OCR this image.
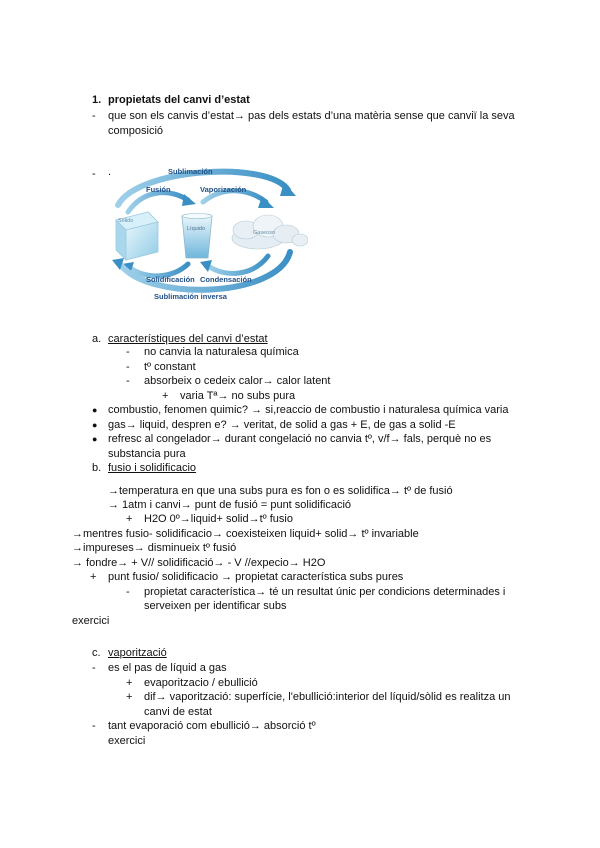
1. propietats del canvi d’estat
- que son els canvis d’estat→ pas dels estats d’una matèria sense que canviï la seva
composició
- .
Sólido
Líquido
Gaseoso
Sublimación
Fusión	Vaporización
Solidificación Condensación
Sublimación inversa
a. característiques del canvi d’estat
- no canvia la naturalesa química
- tº constant
- absorbeix o cedeix calor→ calor latent
+ varia Tª→ no subs pura
● combustio, fenomen quimic? → si,reaccio de combustio i naturalesa química varia
● gas→ liquid, despren e? → veritat, de solid a gas + E, de gas a solid -E
● refresc al congelador→ durant congelació no canvia tº, v/f→ fals, perquè no es
substancia pura
b. fusio i solidificacio
→temperatura en que una subs pura es fon o es solidifica→ tº de fusió
→ 1atm i canvi→ punt de fusió = punt solidificació
+ H2O 0º→liquid+ solid→tº fusio
→mentres fusio- solidificacio→ coexisteixen liquid+ solid→ tº invariable
→impureses→ disminueix tº fusió
→ fondre→ + V// solidificació→ - V //expecio→ H2O
+ punt fusio/ solidificacio → propietat característica subs pures
- propietat característica→ té un resultat únic per condicions determinades i
serveixen per identificar subs
exercici
c. vaporització
- es el pas de líquid a gas
+ evaporitzacio / ebullició
+ dif→ vaporització: superfície, l'ebullició:interior del líquid/sòlid es realitza un
canvi de estat
- tant evaporació com ebullició→ absorció tº
exercici
